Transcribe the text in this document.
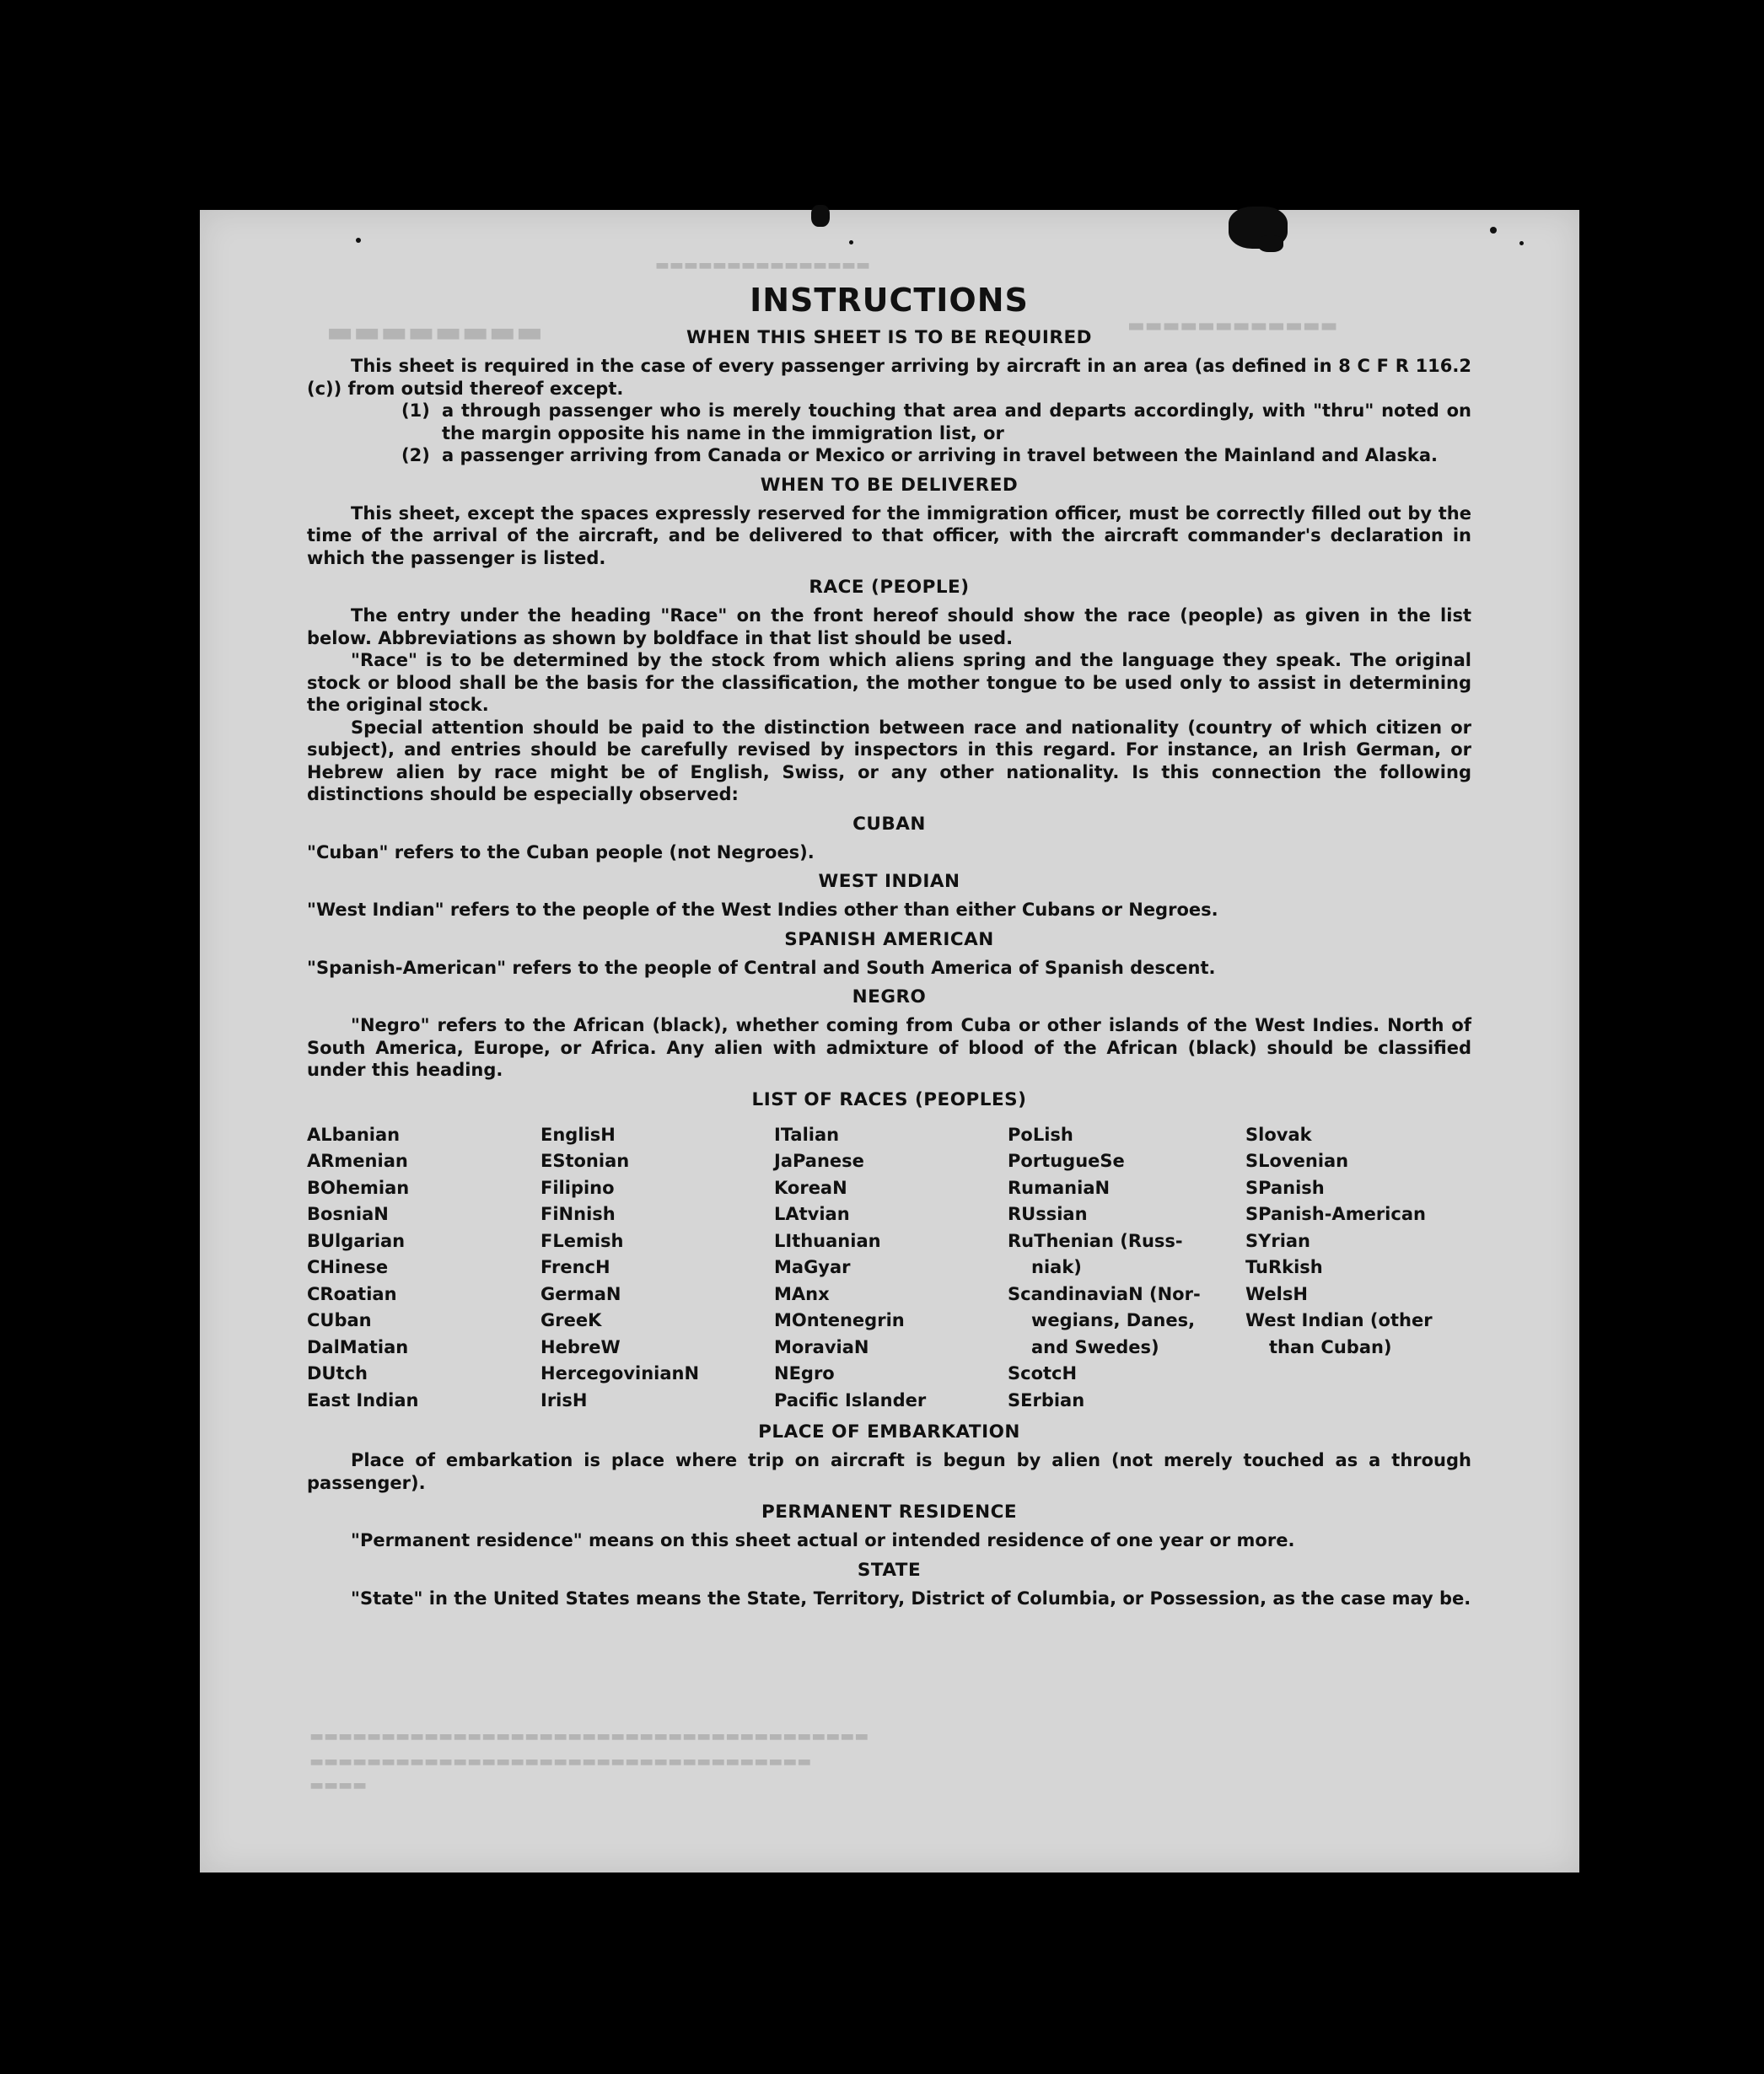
▬▬▬▬▬▬▬▬▬▬▬▬▬▬▬
▬▬▬▬▬▬▬▬	▬▬▬▬▬▬▬▬▬▬▬▬
▬▬▬▬▬▬▬▬▬▬▬▬▬▬▬▬▬▬▬▬▬▬▬▬▬▬▬▬▬▬▬▬▬▬▬▬▬▬▬
▬▬▬▬▬▬▬▬▬▬▬▬▬▬▬▬▬▬▬▬▬▬▬▬▬▬▬▬▬▬▬▬▬▬▬
▬▬▬▬
INSTRUCTIONS
WHEN THIS SHEET IS TO BE REQUIRED

This sheet is required in the case of every passenger arriving by aircraft in an area (as defined in 8 C F R 116.2 (c)) from outsid thereof except.

(1) a through passenger who is merely touching that area and departs accordingly, with "thru" noted on the margin opposite his name in the immigration list, or
(2) a passenger arriving from Canada or Mexico or arriving in travel between the Mainland and Alaska.
WHEN TO BE DELIVERED

This sheet, except the spaces expressly reserved for the immigration officer, must be correctly filled out by the time of the arrival of the aircraft, and be delivered to that officer, with the aircraft commander's declaration in which the passenger is listed.

RACE (PEOPLE)

The entry under the heading "Race" on the front hereof should show the race (people) as given in the list below. Abbreviations as shown by boldface in that list should be used.

"Race" is to be determined by the stock from which aliens spring and the language they speak. The original stock or blood shall be the basis for the classification, the mother tongue to be used only to assist in determining the original stock.

Special attention should be paid to the distinction between race and nationality (country of which citizen or subject), and entries should be carefully revised by inspectors in this regard. For instance, an Irish German, or Hebrew alien by race might be of English, Swiss, or any other nationality. Is this connection the following distinctions should be especially observed:

CUBAN

"Cuban" refers to the Cuban people (not Negroes).

WEST INDIAN

"West Indian" refers to the people of the West Indies other than either Cubans or Negroes.

SPANISH AMERICAN

"Spanish-American" refers to the people of Central and South America of Spanish descent.

NEGRO

"Negro" refers to the African (black), whether coming from Cuba or other islands of the West Indies. North of South America, Europe, or Africa. Any alien with admixture of blood of the African (black) should be classified under this heading.

LIST OF RACES (PEOPLES)
ALbanian
ARmenian
BOhemian
BosniaN
BUlgarian
CHinese
CRoatian
CUban
DalMatian
DUtch
East Indian
EnglisH
EStonian
Filipino
FiNnish
FLemish
FrencH
GermaN
GreeK
HebreW
HercegovinianN
IrisH
ITalian
JaPanese
KoreaN
LAtvian
LIthuanian
MaGyar
MAnx
MOntenegrin
MoraviaN
NEgro
Pacific Islander
PoLish
PortugueSe
RumaniaN
RUssian
RuThenian (Russ-
niak)
ScandinaviaN (Nor-
wegians, Danes,
and Swedes)
ScotcH
SErbian
Slovak
SLovenian
SPanish
SPanish-American
SYrian
TuRkish
WelsH
West Indian (other
than Cuban)
PLACE OF EMBARKATION

Place of embarkation is place where trip on aircraft is begun by alien (not merely touched as a through passenger).

PERMANENT RESIDENCE

"Permanent residence" means on this sheet actual or intended residence of one year or more.

STATE

"State" in the United States means the State, Territory, District of Columbia, or Possession, as the case may be.
